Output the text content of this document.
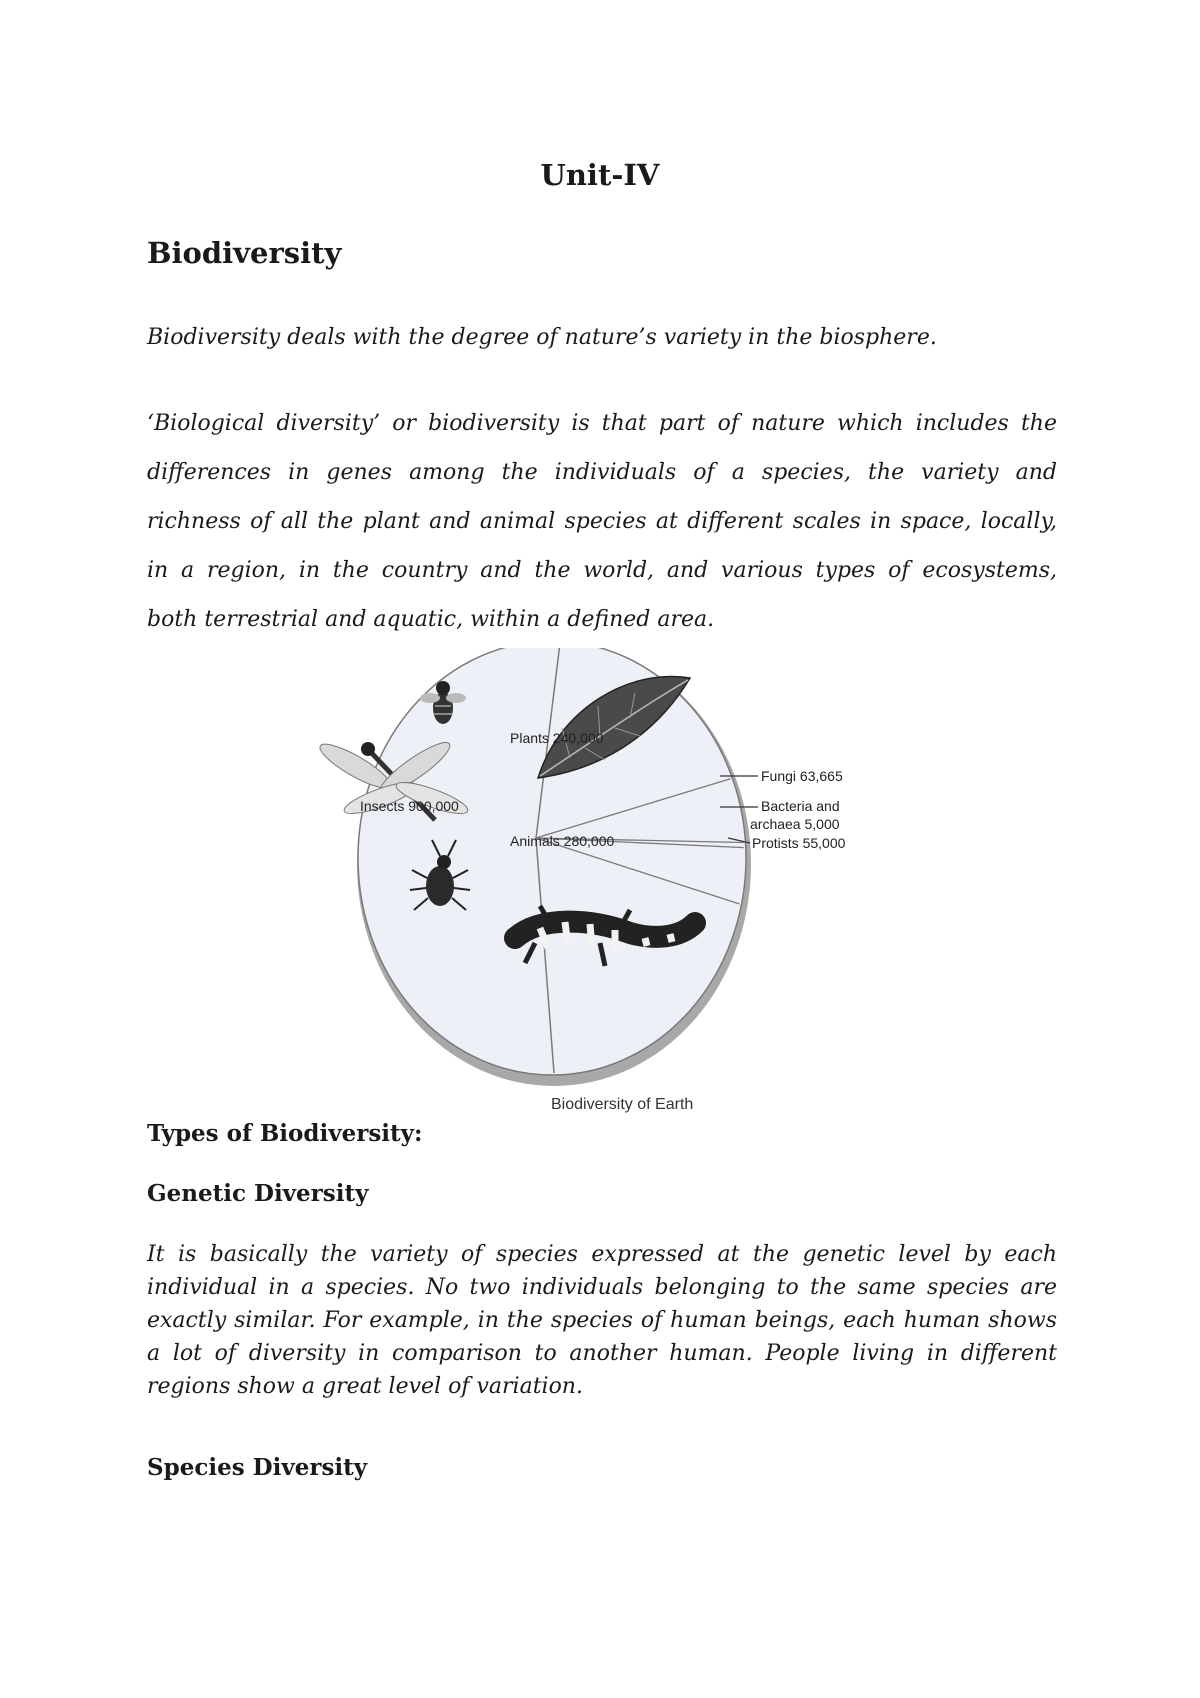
Unit-IV
Biodiversity

Biodiversity deals with the degree of nature’s variety in the biosphere.

‘Biological diversity’ or biodiversity is that part of nature which includes the
differences in genes among the individuals of a species, the variety and
richness of all the plant and animal species at different scales in space, locally,
in a region, in the country and the world, and various types of ecosystems,
both terrestrial and aquatic, within a defined area.

Insects 900,000
Plants 240,000
Animals 280,000
Fungi 63,665
Bacteria and
archaea 5,000
Protists 55,000
Biodiversity of Earth
Types of Biodiversity:
Genetic Diversity

It is basically the variety of species expressed at the genetic level by each
individual in a species. No two individuals belonging to the same species are
exactly similar. For example, in the species of human beings, each human shows
a lot of diversity in comparison to another human. People living in different
regions show a great level of variation.

Species Diversity
